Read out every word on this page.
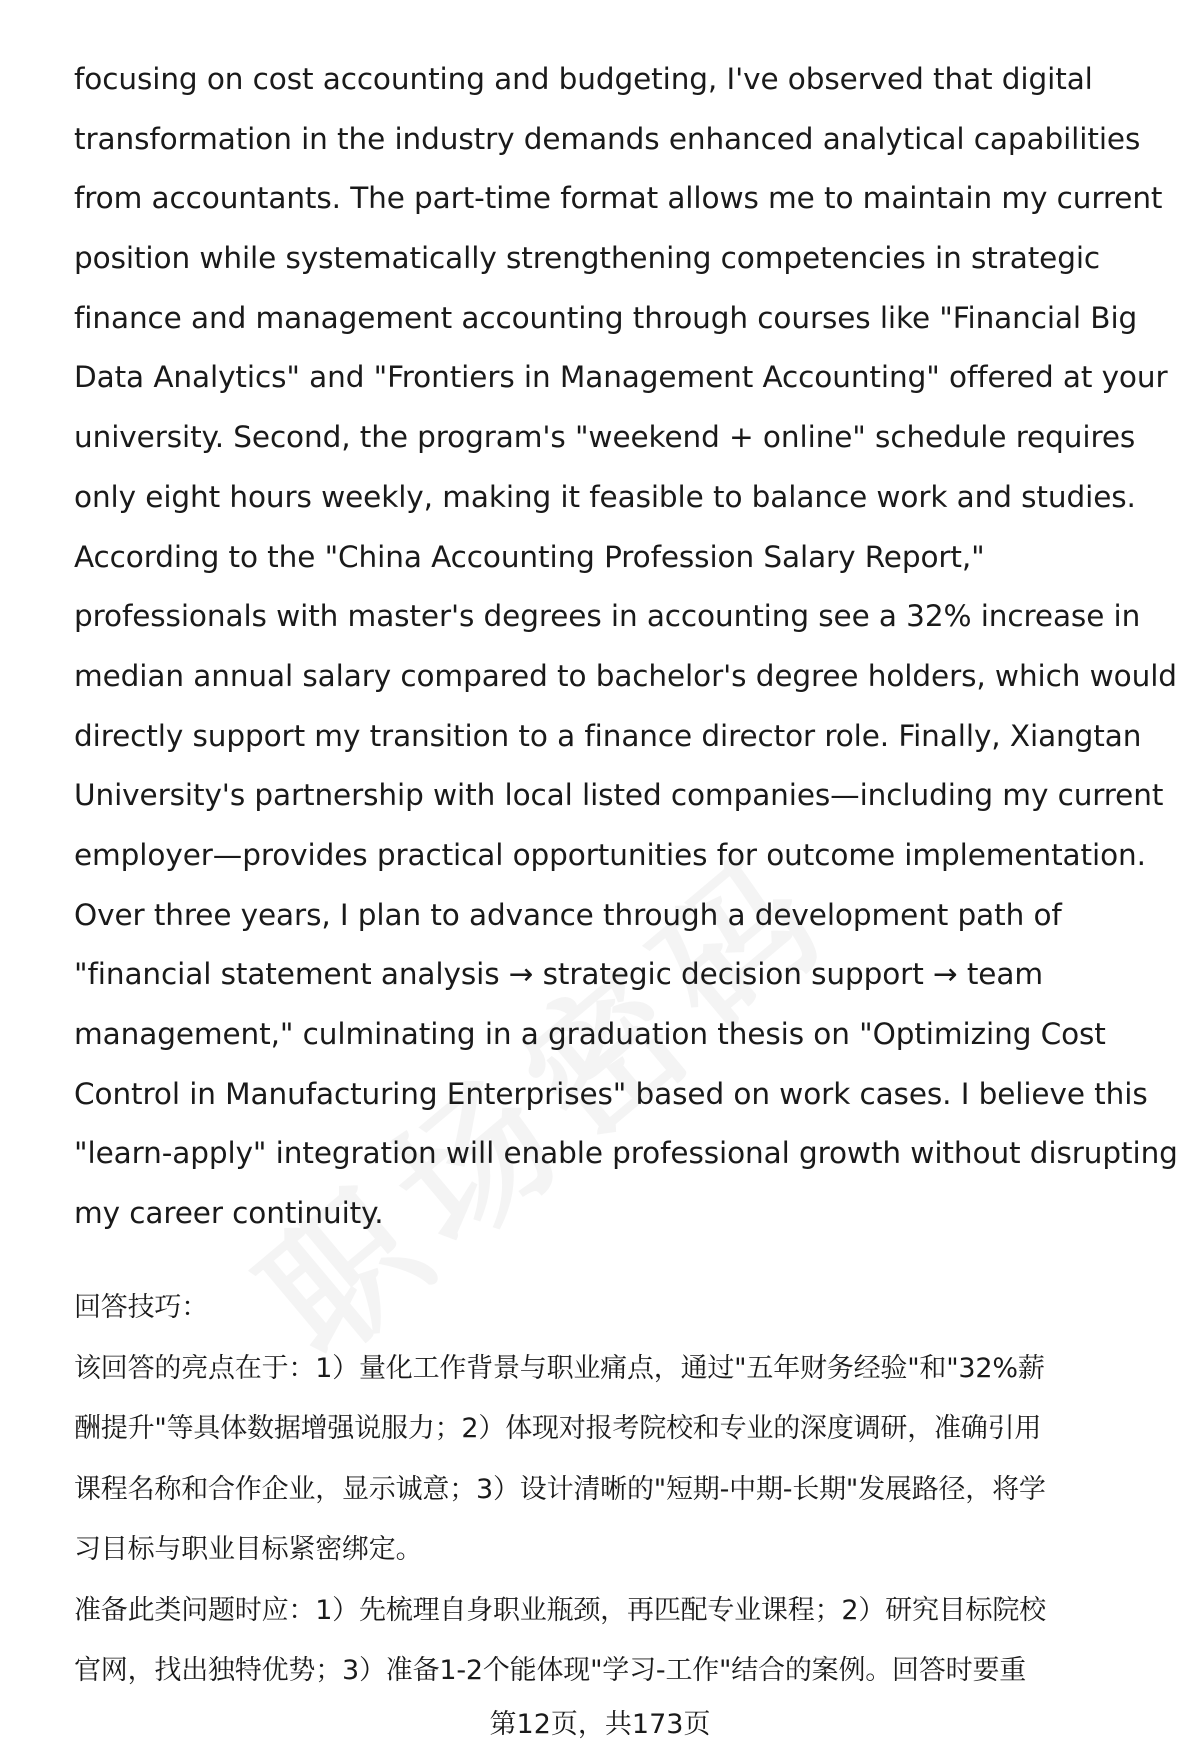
focusing on cost accounting and budgeting, I've observed that digital
transformation in the industry demands enhanced analytical capabilities
from accountants. The part-time format allows me to maintain my current
position while systematically strengthening competencies in strategic
finance and management accounting through courses like "Financial Big
Data Analytics" and "Frontiers in Management Accounting" offered at your
university. Second, the program's "weekend + online" schedule requires
only eight hours weekly, making it feasible to balance work and studies.
According to the "China Accounting Profession Salary Report,"
professionals with master's degrees in accounting see a 32% increase in
median annual salary compared to bachelor's degree holders, which would
directly support my transition to a finance director role. Finally, Xiangtan
University's partnership with local listed companies—including my current
employer—provides practical opportunities for outcome implementation.
Over three years, I plan to advance through a development path of
"financial statement analysis → strategic decision support → team
management," culminating in a graduation thesis on "Optimizing Cost
Control in Manufacturing Enterprises" based on work cases. I believe this
"learn-apply" integration will enable professional growth without disrupting
my career continuity.
回答技巧：
该回答的亮点在于：1）量化工作背景与职业痛点，通过"五年财务经验"和"32%薪
酬提升"等具体数据增强说服力；2）体现对报考院校和专业的深度调研，准确引用
课程名称和合作企业，显示诚意；3）设计清晰的"短期-中期-长期"发展路径，将学
习目标与职业目标紧密绑定。
准备此类问题时应：1）先梳理自身职业瓶颈，再匹配专业课程；2）研究目标院校
官网，找出独特优势；3）准备1-2个能体现"学习-工作"结合的案例。回答时要重
第12页，共173页
